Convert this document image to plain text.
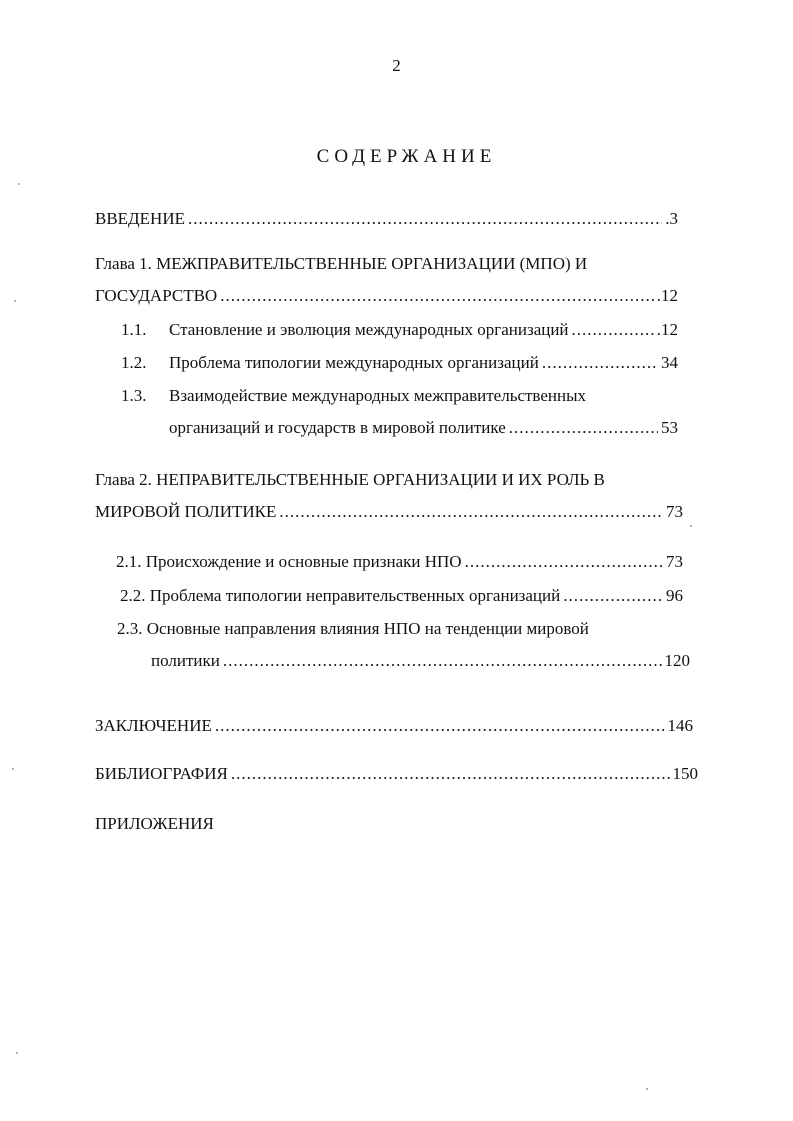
2
СОДЕРЖАНИЕ
ВВЕДЕНИЕ .....	.3
Глава 1. МЕЖПРАВИТЕЛЬСТВЕННЫЕ ОРГАНИЗАЦИИ (МПО) И
ГОСУДАРСТВО .....	.12
1.1. Становление и эволюция международных организаций .....	.12
1.2. Проблема типологии международных организаций .....	34
1.3. Взаимодействие международных межправительственных
организаций и государств в мировой политике .....	53
Глава 2. НЕПРАВИТЕЛЬСТВЕННЫЕ ОРГАНИЗАЦИИ И ИХ РОЛЬ В
МИРОВОЙ ПОЛИТИКЕ .....	73
2.1. Происхождение и основные признаки НПО .....	73
2.2. Проблема типологии неправительственных организаций .....	96
2.3. Основные направления влияния НПО на тенденции мировой
политики .....	120
ЗАКЛЮЧЕНИЕ .....	146
БИБЛИОГРАФИЯ .....	150
ПРИЛОЖЕНИЯ
